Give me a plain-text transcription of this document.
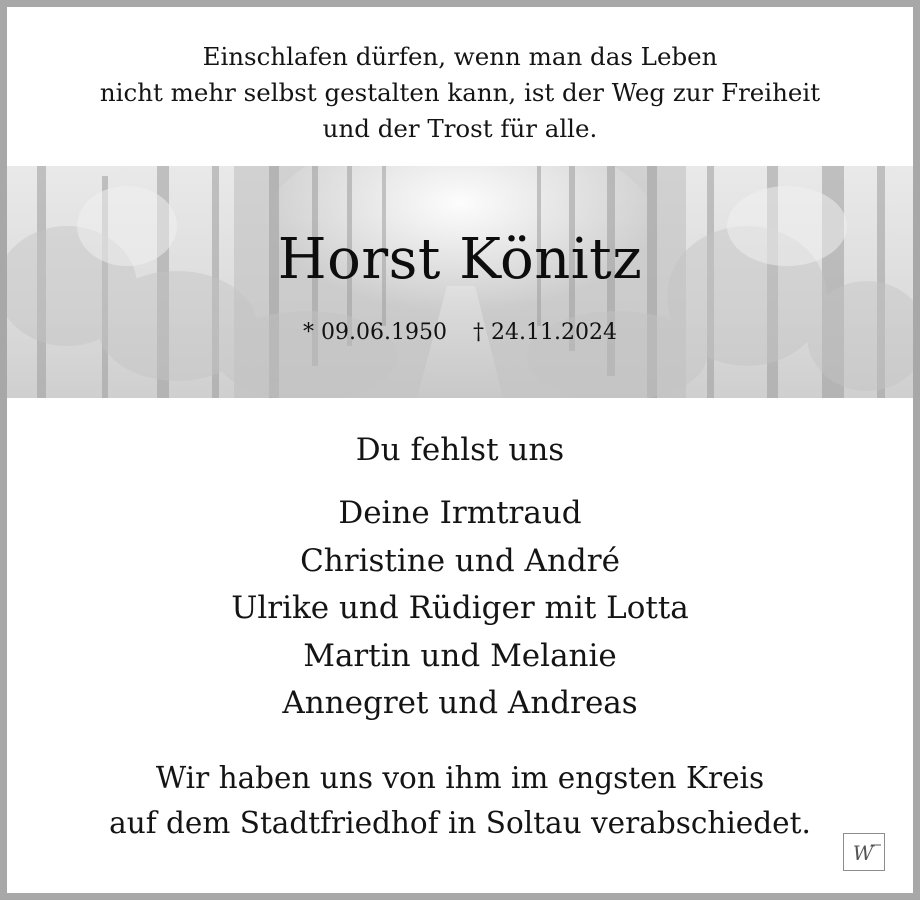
Einschlafen dürfen, wenn man das Leben
nicht mehr selbst gestalten kann, ist der Weg zur Freiheit
und der Trost für alle.
Horst Könitz
* 09.06.1950 † 24.11.2024
Du fehlst uns
Deine Irmtraud
Christine und André
Ulrike und Rüdiger mit Lotta
Martin und Melanie
Annegret und Andreas
Wir haben uns von ihm im engsten Kreis
auf dem Stadtfriedhof in Soltau verabschiedet.
W
